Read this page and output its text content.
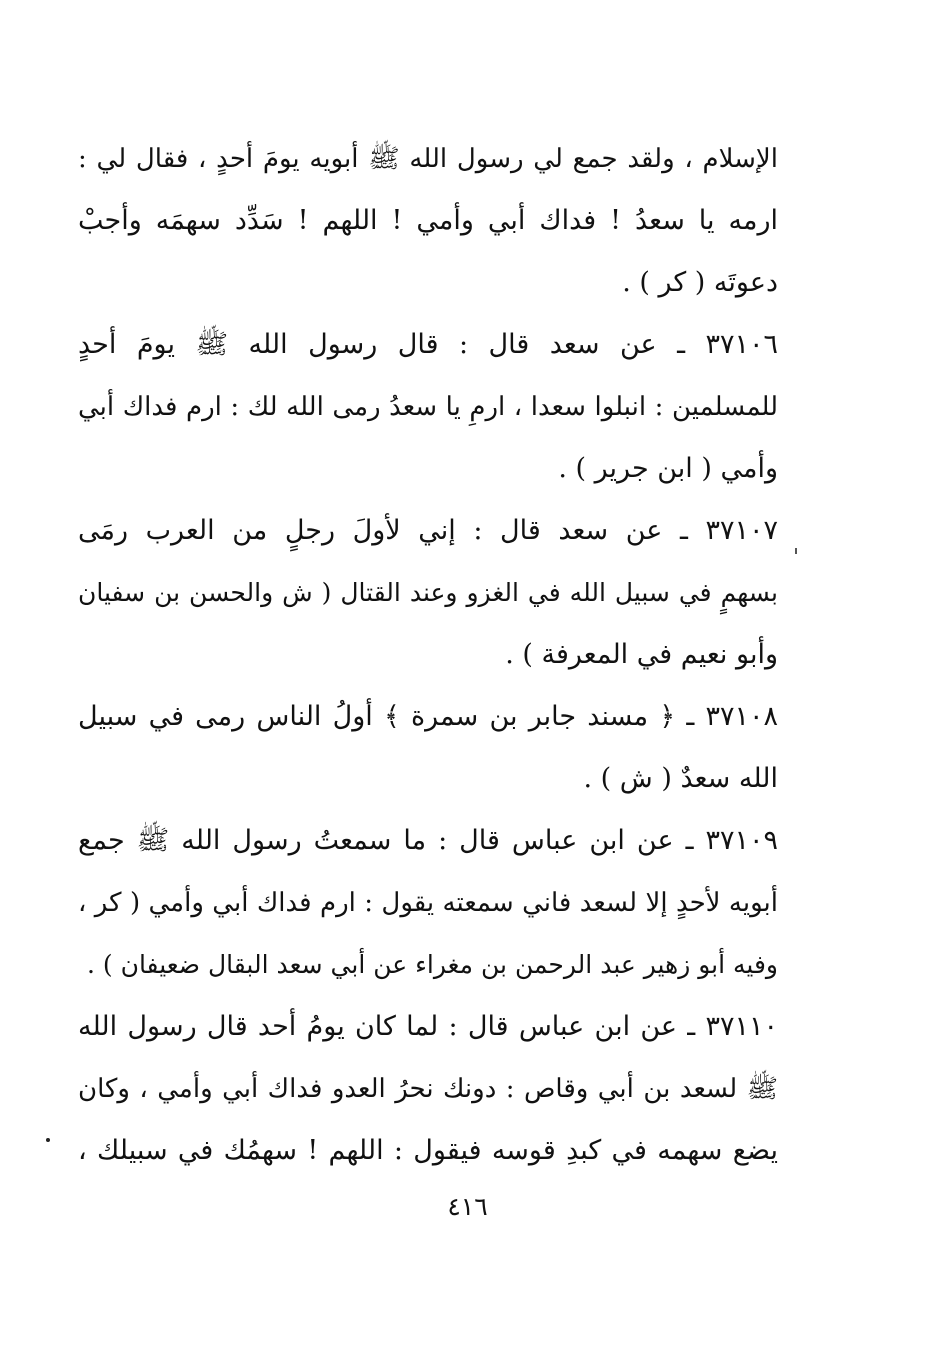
الإسلام ، ولقد جمع لي رسول الله ﷺ أبويه يومَ أحدٍ ، فقال لي :
ارمه يا سعدُ ! فداك أبي وأمي ! اللهم ! سَدِّد سهمَه وأجبْ
دعوتَه ( كر ) .
٣٧١٠٦ ـ عن سعد قال : قال رسول الله ﷺ يومَ أحدٍ
للمسلمين : انبلوا سعدا ، ارمِ يا سعدُ رمى الله لك : ارم فداك أبي
وأمي ( ابن جرير ) .
٣٧١٠٧ ـ عن سعد قال : إني لأولَ رجلٍ من العرب رمَى
بسهمٍ في سبيل الله في الغزو وعند القتال ( ش والحسن بن سفيان
وأبو نعيم في المعرفة ) .
٣٧١٠٨ ـ ﴿ مسند جابر بن سمرة ﴾ أولُ الناس رمى في سبيل
الله سعدٌ ( ش ) .
٣٧١٠٩ ـ عن ابن عباس قال : ما سمعتُ رسول الله ﷺ جمع
أبويه لأحدٍ إلا لسعد فاني سمعته يقول : ارم فداك أبي وأمي ( كر ،
وفيه أبو زهير عبد الرحمن بن مغراء عن أبي سعد البقال ضعيفان ) .
٣٧١١٠ ـ عن ابن عباس قال : لما كان يومُ أحد قال رسول الله
ﷺ لسعد بن أبي وقاص : دونك نحرُ العدو فداك أبي وأمي ، وكان
يضع سهمه في كبدِ قوسه فيقول : اللهم ! سهمُك في سبيلك ،
٤١٦
